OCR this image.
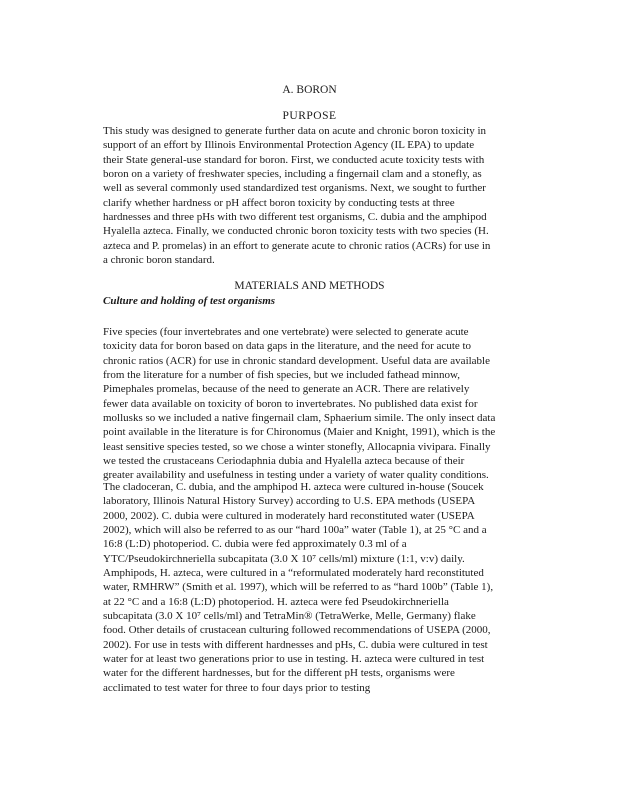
A. BORON
PURPOSE

This study was designed to generate further data on acute and chronic boron toxicity in
support of an effort by Illinois Environmental Protection Agency (IL EPA) to update
their State general-use standard for boron. First, we conducted acute toxicity tests with
boron on a variety of freshwater species, including a fingernail clam and a stonefly, as
well as several commonly used standardized test organisms. Next, we sought to further
clarify whether hardness or pH affect boron toxicity by conducting tests at three
hardnesses and three pHs with two different test organisms, C. dubia and the amphipod
Hyalella azteca. Finally, we conducted chronic boron toxicity tests with two species (H.
azteca and P. promelas) in an effort to generate acute to chronic ratios (ACRs) for use in
a chronic boron standard.

MATERIALS AND METHODS
Culture and holding of test organisms

Five species (four invertebrates and one vertebrate) were selected to generate acute
toxicity data for boron based on data gaps in the literature, and the need for acute to
chronic ratios (ACR) for use in chronic standard development. Useful data are available
from the literature for a number of fish species, but we included fathead minnow,
Pimephales promelas, because of the need to generate an ACR. There are relatively
fewer data available on toxicity of boron to invertebrates. No published data exist for
mollusks so we included a native fingernail clam, Sphaerium simile. The only insect data
point available in the literature is for Chironomus (Maier and Knight, 1991), which is the
least sensitive species tested, so we chose a winter stonefly, Allocapnia vivipara. Finally
we tested the crustaceans Ceriodaphnia dubia and Hyalella azteca because of their
greater availability and usefulness in testing under a variety of water quality conditions.

The cladoceran, C. dubia, and the amphipod H. azteca were cultured in-house (Soucek
laboratory, Illinois Natural History Survey) according to U.S. EPA methods (USEPA
2000, 2002). C. dubia were cultured in moderately hard reconstituted water (USEPA
2002), which will also be referred to as our “hard 100a” water (Table 1), at 25 °C and a
16:8 (L:D) photoperiod. C. dubia were fed approximately 0.3 ml of a
YTC/Pseudokirchneriella subcapitata (3.0 X 10⁷ cells/ml) mixture (1:1, v:v) daily.
Amphipods, H. azteca, were cultured in a “reformulated moderately hard reconstituted
water, RMHRW” (Smith et al. 1997), which will be referred to as “hard 100b” (Table 1),
at 22 °C and a 16:8 (L:D) photoperiod. H. azteca were fed Pseudokirchneriella
subcapitata (3.0 X 10⁷ cells/ml) and TetraMin® (TetraWerke, Melle, Germany) flake
food. Other details of crustacean culturing followed recommendations of USEPA (2000,
2002). For use in tests with different hardnesses and pHs, C. dubia were cultured in test
water for at least two generations prior to use in testing. H. azteca were cultured in test
water for the different hardnesses, but for the different pH tests, organisms were
acclimated to test water for three to four days prior to testing
